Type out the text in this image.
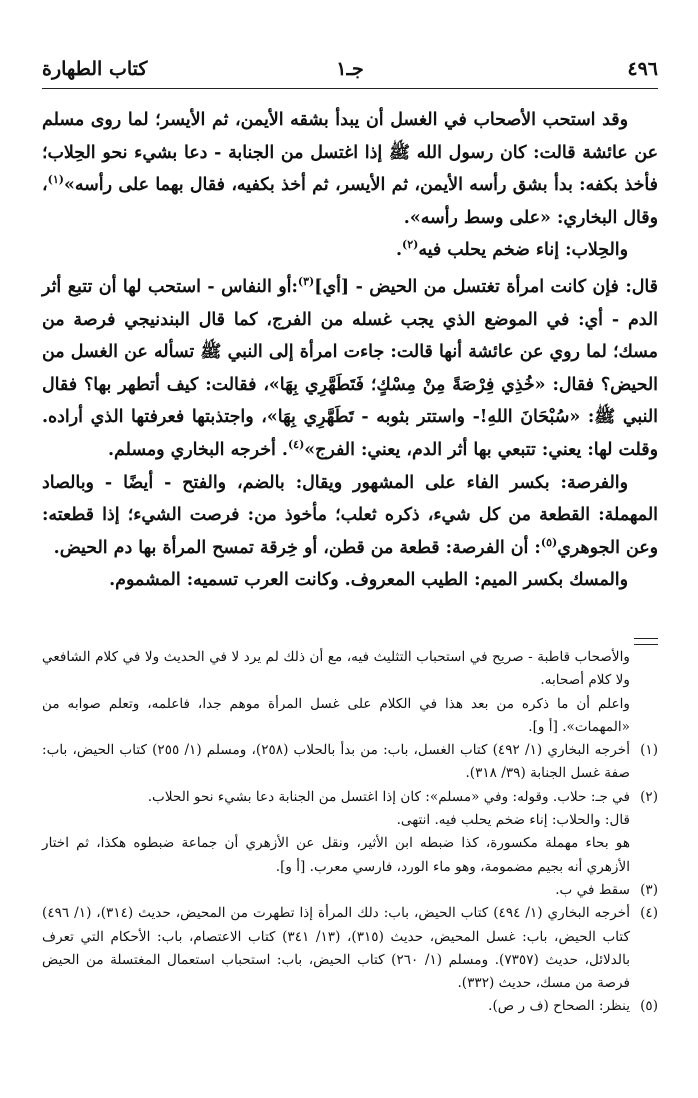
٤٩٦
جـ١
كتاب الطهارة

وقد استحب الأصحاب في الغسل أن يبدأ بشقه الأيمن، ثم الأيسر؛ لما روى مسلم عن عائشة قالت: كان رسول الله ﷺ إذا اغتسل من الجنابة - دعا بشيء نحو الحِلاب؛ فأخذ بكفه: بدأ بشق رأسه الأيمن، ثم الأيسر، ثم أخذ بكفيه، فقال بهما على رأسه»$^{(١)}$، وقال البخاري: «على وسط رأسه».

والحِلاب: إناء ضخم يحلب فيه$^{(٢)}$.

قال: فإن كانت امرأة تغتسل من الحيض - [أي]$^{(٣)}$:أو النفاس - استحب لها أن تتبع أثر الدم - أي: في الموضع الذي يجب غسله من الفرج، كما قال البندنيجي فرصة من مسك؛ لما روي عن عائشة أنها قالت: جاءت امرأة إلى النبي ﷺ تسأله عن الغسل من الحيض؟ فقال: «خُذِي فِرْصَةً مِنْ مِسْكٍ؛ فَتَطَهَّرِي بِهَا»، فقالت: كيف أتطهر بها؟ فقال النبي ﷺ: «سُبْحَانَ اللهِ!- واستتر بثوبه - تَطَهَّرِي بِهَا»، واجتذبتها فعرفتها الذي أراده. وقلت لها: يعني: تتبعي بها أثر الدم، يعني: الفرج»$^{(٤)}$. أخرجه البخاري ومسلم.

والفرصة: بكسر الفاء على المشهور ويقال: بالضم، والفتح - أيضًا - وبالصاد المهملة: القطعة من كل شيء، ذكره ثعلب؛ مأخوذ من: فرصت الشيء؛ إذا قطعته: وعن الجوهري$^{(٥)}$: أن الفرصة: قطعة من قطن، أو خِرقة تمسح المرأة بها دم الحيض.

والمسك بكسر الميم: الطيب المعروف. وكانت العرب تسميه: المشموم.

والأصحاب قاطبة - صريح في استحباب التثليث فيه، مع أن ذلك لم يرد لا في الحديث ولا في كلام الشافعي ولا كلام أصحابه.

واعلم أن ما ذكره من بعد هذا في الكلام على غسل المرأة موهم جدا، فاعلمه، وتعلم صوابه من «المهمات». [أ و].

(١)
أخرجه البخاري (١/ ٤٩٢) كتاب الغسل، باب: من بدأ بالحلاب (٢٥٨)، ومسلم (١/ ٢٥٥) كتاب الحيض، باب: صفة غسل الجنابة (٣٩/ ٣١٨).
(٢)
في جـ: حلاب. وقوله: وفي «مسلم»: كان إذا اغتسل من الجنابة دعا بشيء نحو الحلاب.
قال: والحلاب: إناء ضخم يحلب فيه. انتهى.
هو بحاء مهملة مكسورة، كذا ضبطه ابن الأثير، ونقل عن الأزهري أن جماعة ضبطوه هكذا، ثم اختار الأزهري أنه بجيم مضمومة، وهو ماء الورد، فارسي معرب. [أ و].
(٣)
سقط في ب.
(٤)
أخرجه البخاري (١/ ٤٩٤) كتاب الحيض، باب: دلك المرأة إذا تطهرت من المحيض، حديث (٣١٤)، (١/ ٤٩٦) كتاب الحيض، باب: غسل المحيض، حديث (٣١٥)، (١٣/ ٣٤١) كتاب الاعتصام، باب: الأحكام التي تعرف بالدلائل، حديث (٧٣٥٧). ومسلم (١/ ٢٦٠) كتاب الحيض، باب: استحباب استعمال المغتسلة من الحيض فرصة من مسك، حديث (٣٣٢).
(٥)
ينظر: الصحاح (ف ر ص).
